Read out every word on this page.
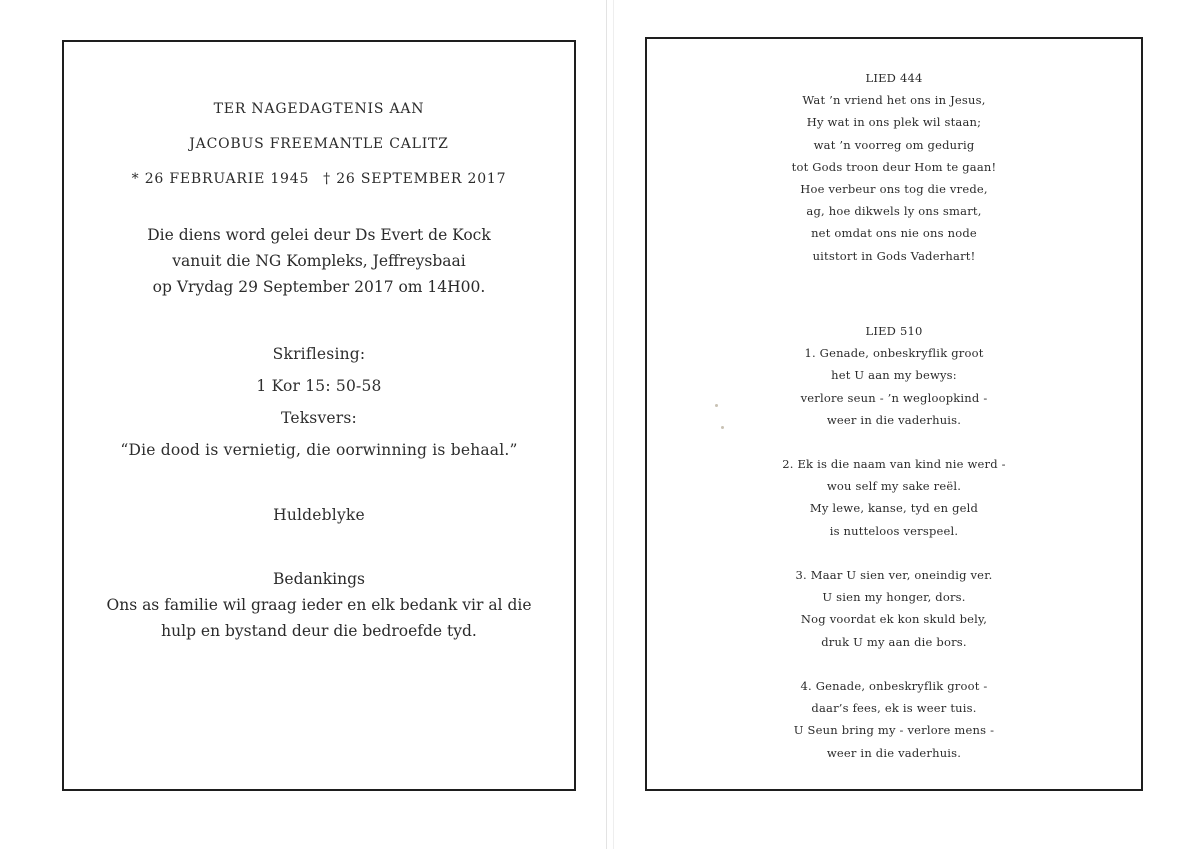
TER NAGEDAGTENIS AAN
JACOBUS FREEMANTLE CALITZ
* 26 FEBRUARIE 1945 † 26 SEPTEMBER 2017
Die diens word gelei deur Ds Evert de Kock
vanuit die NG Kompleks, Jeffreysbaai
op Vrydag 29 September 2017 om 14H00.
Skriflesing:
1 Kor 15: 50-58
Teksvers:
“Die dood is vernietig, die oorwinning is behaal.”
Huldeblyke
Bedankings
Ons as familie wil graag ieder en elk bedank vir al die
hulp en bystand deur die bedroefde tyd.
LIED 444
Wat ’n vriend het ons in Jesus,
Hy wat in ons plek wil staan;
wat ’n voorreg om gedurig
tot Gods troon deur Hom te gaan!
Hoe verbeur ons tog die vrede,
ag, hoe dikwels ly ons smart,
net omdat ons nie ons node
uitstort in Gods Vaderhart!
LIED 510
1. Genade, onbeskryflik groot
het U aan my bewys:
verlore seun - ’n wegloopkind -
weer in die vaderhuis.
2. Ek is die naam van kind nie werd -
wou self my sake reël.
My lewe, kanse, tyd en geld
is nutteloos verspeel.
3. Maar U sien ver, oneindig ver.
U sien my honger, dors.
Nog voordat ek kon skuld bely,
druk U my aan die bors.
4. Genade, onbeskryflik groot -
daar’s fees, ek is weer tuis.
U Seun bring my - verlore mens -
weer in die vaderhuis.
